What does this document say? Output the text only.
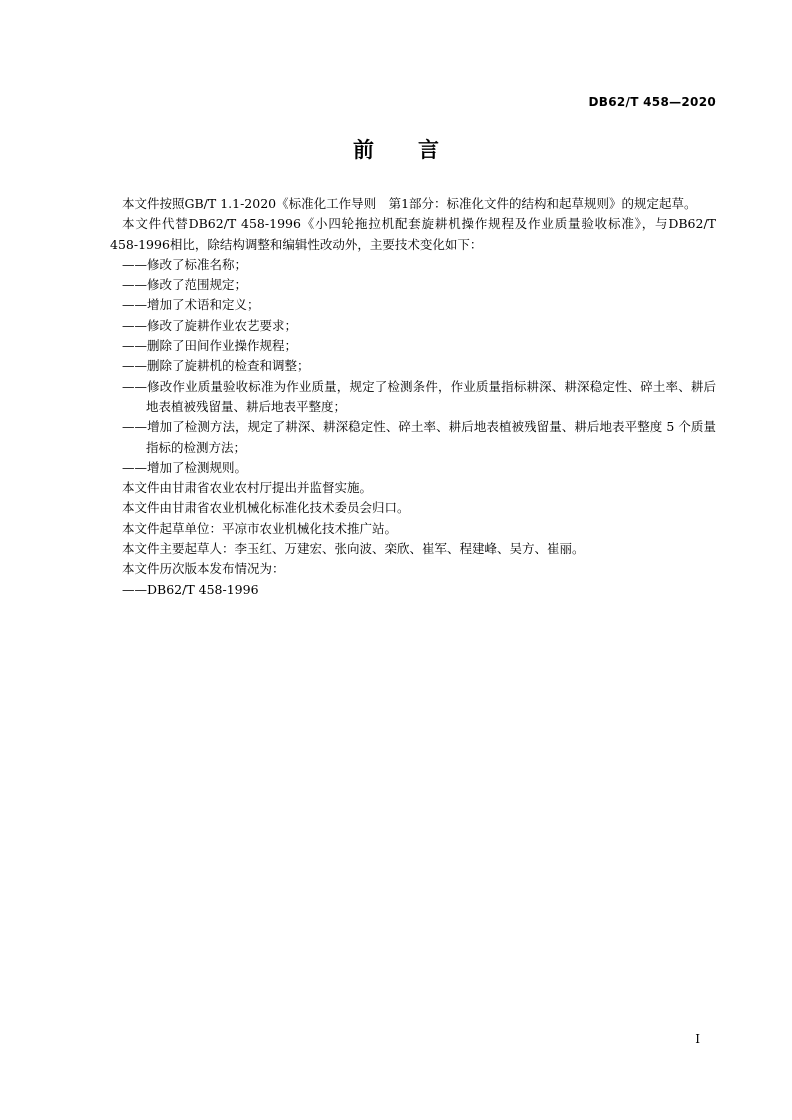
DB62/T 458—2020
前言

本文件按照GB/T 1.1-2020《标准化工作导则　第1部分：标准化文件的结构和起草规则》的规定起草。

本文件代替DB62/T 458-1996《小四轮拖拉机配套旋耕机操作规程及作业质量验收标准》，与DB62/T 458-1996相比，除结构调整和编辑性改动外，主要技术变化如下：

——修改了标准名称；

——修改了范围规定；

——增加了术语和定义；

——修改了旋耕作业农艺要求；

——删除了田间作业操作规程；

——删除了旋耕机的检查和调整；

——修改作业质量验收标准为作业质量，规定了检测条件，作业质量指标耕深、耕深稳定性、碎土率、耕后地表植被残留量、耕后地表平整度；

——增加了检测方法，规定了耕深、耕深稳定性、碎土率、耕后地表植被残留量、耕后地表平整度 5 个质量指标的检测方法；

——增加了检测规则。

本文件由甘肃省农业农村厅提出并监督实施。

本文件由甘肃省农业机械化标准化技术委员会归口。

本文件起草单位：平凉市农业机械化技术推广站。

本文件主要起草人：李玉红、万建宏、张向波、栾欣、崔军、程建峰、吴方、崔丽。

本文件历次版本发布情况为：

——DB62/T 458-1996

I
